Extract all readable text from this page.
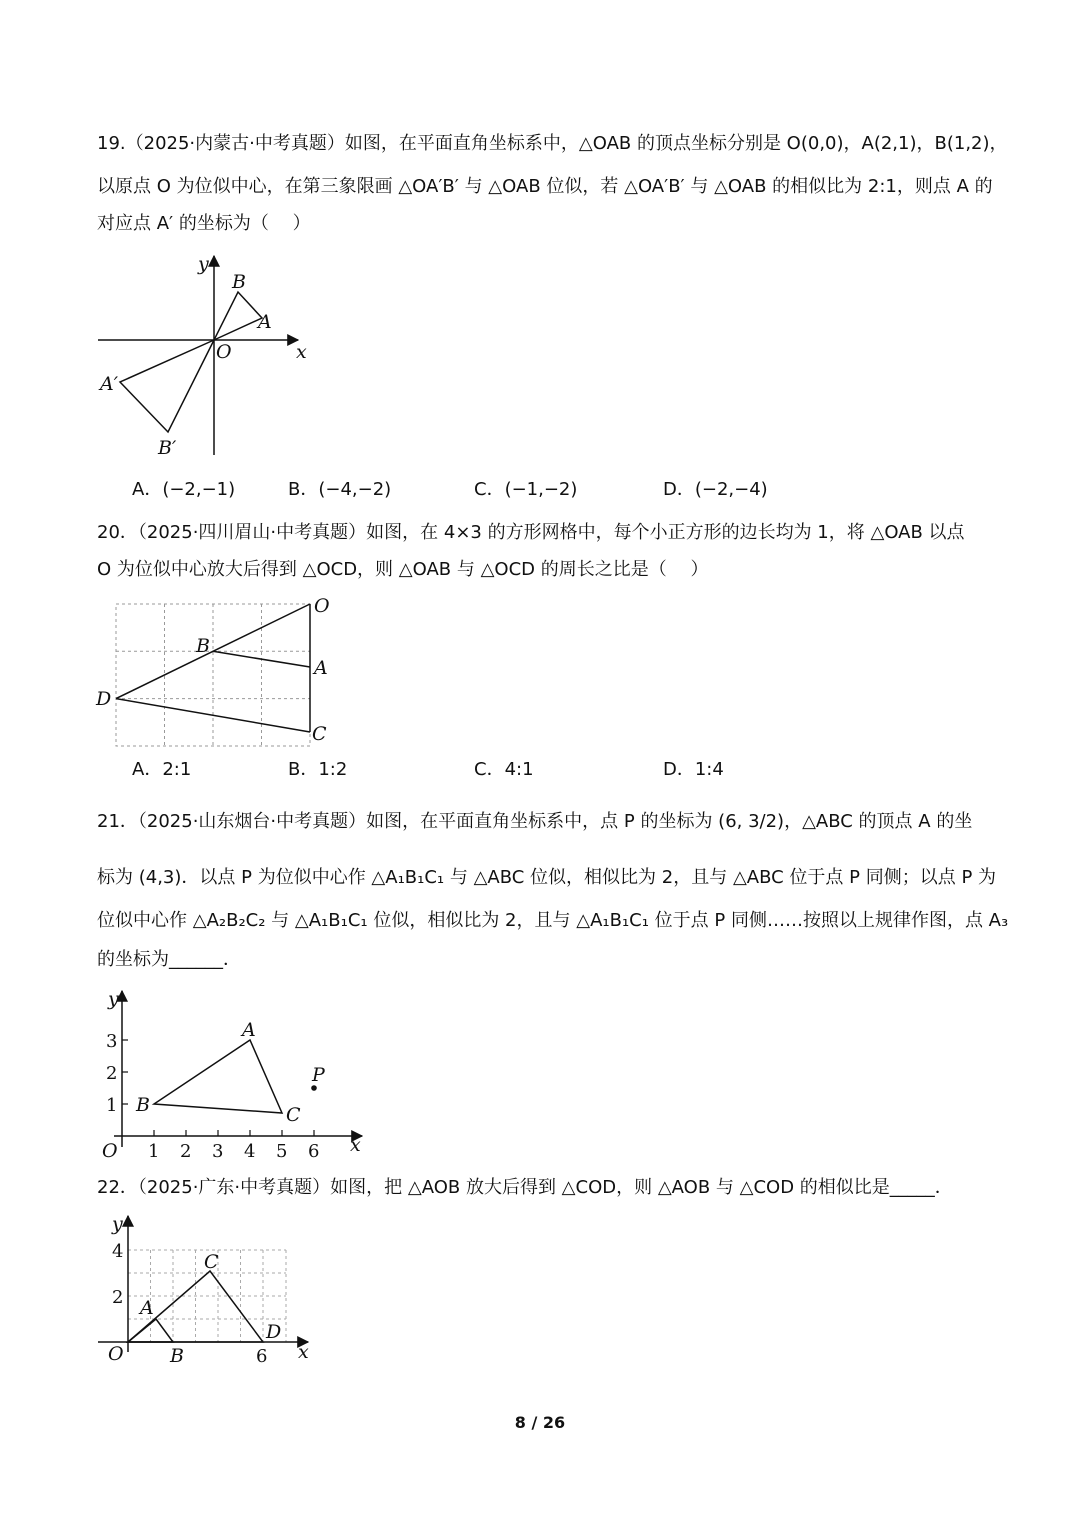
19.（2025·内蒙古·中考真题）如图，在平面直角坐标系中，△OAB 的顶点坐标分别是 O(0,0)，A(2,1)，B(1,2)，
以原点 O 为位似中心，在第三象限画 △OA′B′ 与 △OAB 位似，若 △OA′B′ 与 △OAB 的相似比为 2:1，则点 A 的
对应点 A′ 的坐标为（　 ）
y
x
O
A
B
A′
B′
A．(−2,−1)	B．(−4,−2)	C．(−1,−2)	D．(−2,−4)
20．（2025·四川眉山·中考真题）如图，在 4×3 的方形网格中，每个小正方形的边长均为 1，将 △OAB 以点
O 为位似中心放大后得到 △OCD，则 △OAB 与 △OCD 的周长之比是（　 ）
O
A
B
C
D
A．2:1	B．1:2	C．4:1	D．1:4
21．（2025·山东烟台·中考真题）如图，在平面直角坐标系中，点 P 的坐标为 (6, 3/2)，△ABC 的顶点 A 的坐
标为 (4,3)．以点 P 为位似中心作 △A₁B₁C₁ 与 △ABC 位似，相似比为 2，且与 △ABC 位于点 P 同侧；以点 P 为
位似中心作 △A₂B₂C₂ 与 △A₁B₁C₁ 位似，相似比为 2，且与 △A₁B₁C₁ 位于点 P 同侧……按照以上规律作图，点 A₃
的坐标为______．
1 2 3 4 5 6
1
2
3
y
x
O
A
B	C
P
22．（2025·广东·中考真题）如图，把 △AOB 放大后得到 △COD，则 △AOB 与 △COD 的相似比是_____．
4
2
6
y
x
O
A
B
C
D
8 / 26
